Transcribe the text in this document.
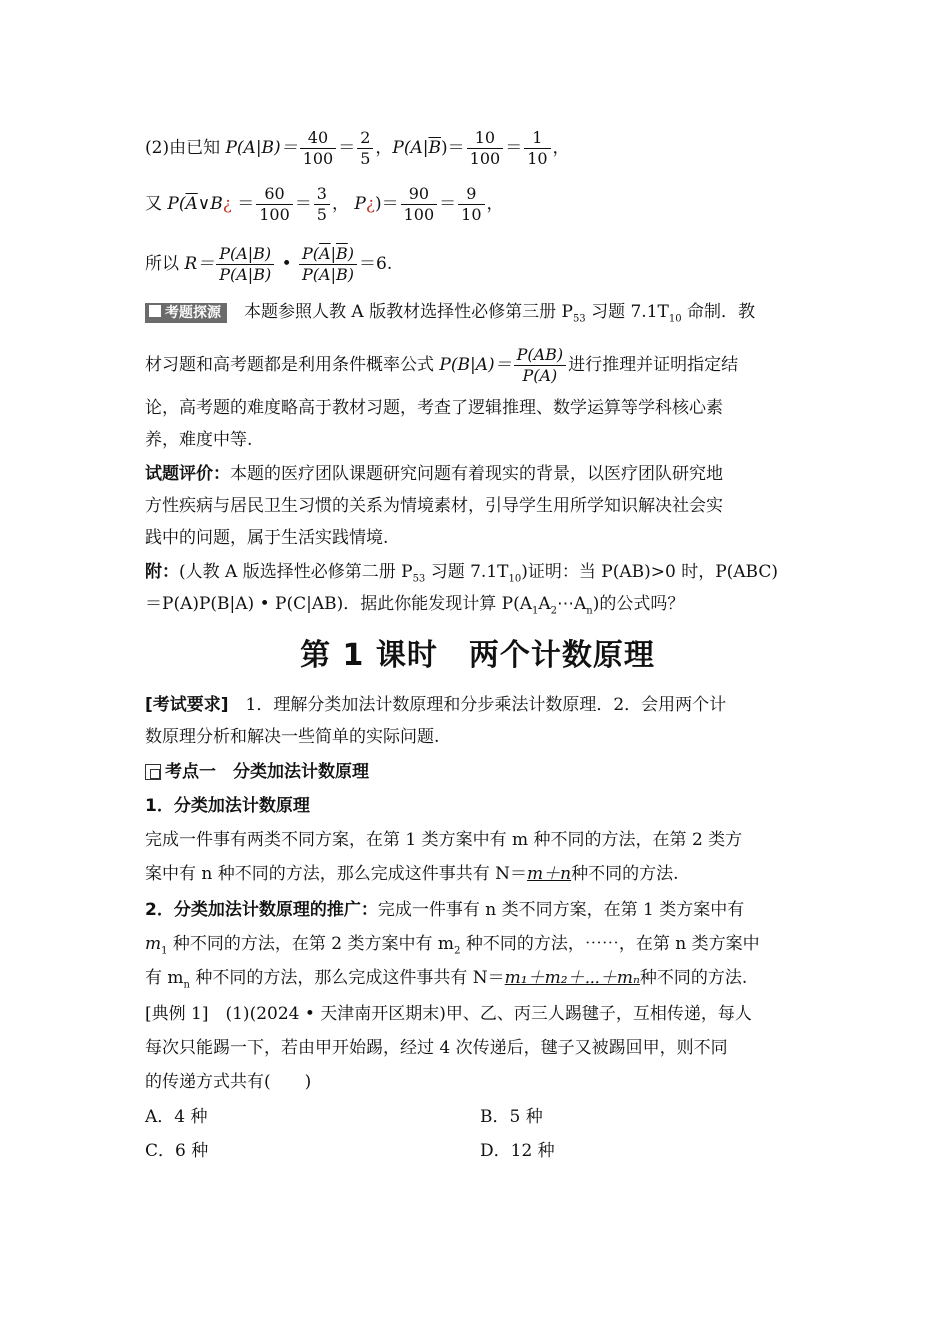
(2)由已知 $P(A|B)= \frac{40}{100} = \frac{2}{5}$ ，$P(A|\overline{B})= \frac{10}{100} = \frac{1}{10}$ ，
又 $P(\overline{A}\vee B¿ = \frac{60}{100} = \frac{3}{5}$ ， P¿)＝ $\frac{90}{100} = \frac{9}{10}$ ，
所以 $R= \frac{P(A|B)}{P(\overline{A}|B)}$ • $\frac{P(\overline{A}|\overline{B})}{P(A|\overline{B})} =6$.
考题探源　 本题参照人教 A 版教材选择性必修第三册 $P_{53}$ 习题 $7.1T_{10}$ 命制．教
材习题和高考题都是利用条件概率公式 $P(B|A)= \frac{P(AB)}{P(A)}$ 进行推理并证明指定结
论，高考题的难度略高于教材习题，考查了逻辑推理、数学运算等学科核心素
养，难度中等.
试题评价：本题的医疗团队课题研究问题有着现实的背景，以医疗团队研究地
方性疾病与居民卫生习惯的关系为情境素材，引导学生用所学知识解决社会实
践中的问题，属于生活实践情境.
附：(人教 A 版选择性必修第二册 $P_{53}$ 习题 $7.1T_{10}$)证明：当 P(AB)>0 时，P(ABC)
＝P(A)P(B|A) • P(C|AB)．据此你能发现计算 $P(A_1A_2\cdots A_n)$的公式吗？
第 1 课时　两个计数原理
[考试要求]　1．理解分类加法计数原理和分步乘法计数原理．2．会用两个计
数原理分析和解决一些简单的实际问题.
考点一　分类加法计数原理
1．分类加法计数原理
完成一件事有两类不同方案，在第 1 类方案中有 m 种不同的方法，在第 2 类方
案中有 n 种不同的方法，那么完成这件事共有 N＝m＋n种不同的方法.
2．分类加法计数原理的推广：完成一件事有 n 类不同方案，在第 1 类方案中有
$m_1$ 种不同的方法，在第 2 类方案中有 $m_2$ 种不同的方法，⋯⋯，在第 n 类方案中
有 $m_n$ 种不同的方法，那么完成这件事共有 N＝m₁＋m₂＋⋯＋mₙ种不同的方法.
[典例 1]　(1)(2024 • 天津南开区期末)甲、乙、丙三人踢毽子，互相传递，每人
每次只能踢一下，若由甲开始踢，经过 4 次传递后，毽子又被踢回甲，则不同
的传递方式共有(　　)
A．4 种	B．5 种
C．6 种	D．12 种
